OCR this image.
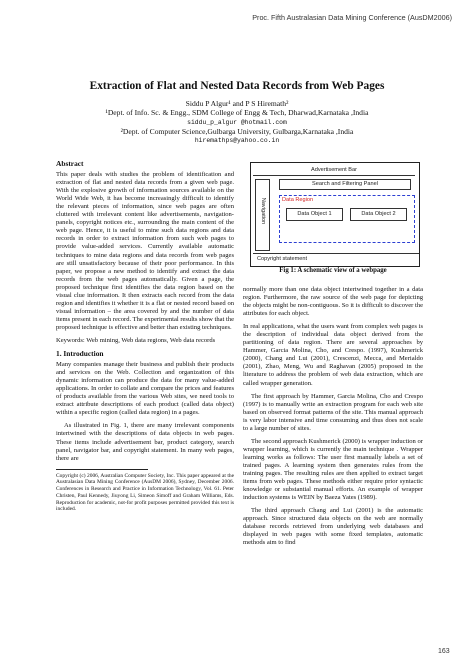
Proc. Fifth Australasian Data Mining Conference (AusDM2006)
Extraction of Flat and Nested Data Records from Web Pages
Siddu P Algur¹ and P S Hiremath²
¹Dept. of Info. Sc. & Engg., SDM College of Engg & Tech, Dharwad,Karnataka ,India
siddu_p_algur @hotmail.com
²Dept. of Computer Science,Gulbarga University, Gulbarga,Karnataka ,India
hiremathps@yahoo.co.in
Abstract

This paper deals with studies the problem of identification and extraction of flat and nested data records from a given web page. With the explosive growth of information sources available on the World Wide Web, it has become increasingly difficult to identify the relevant pieces of information, since web pages are often cluttered with irrelevant content like advertisements, navigation-panels, copyright notices etc., surrounding the main content of the web page. Hence, it is useful to mine such data regions and data records in order to extract information from such web pages to provide value-added services. Currently available automatic techniques to mine data regions and data records from web pages are still unsatisfactory because of their poor performance. In this paper, we propose a new method to identify and extract the data records from the web pages automatically. Given a page, the proposed technique first identifies the data region based on the visual clue information. It then extracts each record from the data region and identifies it whether it is a flat or nested record based on visual information – the area covered by and the number of data items present in each record. The experimental results show that the proposed technique is effective and better than existing techniques.

Keywords: Web mining, Web data regions, Web data records

1. Introduction

Many companies manage their business and publish their products and services on the Web. Collection and organization of this dynamic information can produce the data for many value-added applications. In order to collate and compare the prices and features of products available from the various Web sites, we need tools to extract attribute descriptions of each product (called data object) within a specific region (called data region) in a pages.

As illustrated in Fig. 1, there are many irrelevant components intertwined with the descriptions of data objects in web pages. These items include advertisement bar, product category, search panel, navigator bar, and copyright statement. In many web pages, there are

Copyright (c) 2006, Australian Computer Society, Inc. This paper appeared at the Australasian Data Mining Conference (AusDM 2006), Sydney, December 2006. Conferences in Research and Practice in Information Technology, Vol. 61. Peter Christen, Paul Kennedy, Jiuyong Li, Simeon Simoff and Graham Williams, Eds. Reproduction for academic, not-for profit purposes permitted provided this text is included.
Advertisement Bar
Navigation
Search and Filtering Panel
Data Region
Data Object 1	Data Object 2
Copyright statement
Fig 1: A schematic view of a webpage

normally more than one data object intertwined together in a data region. Furthermore, the raw source of the web page for depicting the objects might be non-contiguous. So it is difficult to discover the attributes for each object.

In real applications, what the users want from complex web pages is the description of individual data object derived from the partitioning of data region. There are several approaches by Hammer, Garcia Molina, Cho, and Crespo. (1997), Kushmerick (2000), Chang and Lui (2001), Crescenzi, Mecca, and Merialdo (2001), Zhao, Meng, Wu and Raghavan (2005) proposed in the literature to address the problem of web data extraction, which are called wrapper generation.

The first approach by Hammer, Garcia Molina, Cho and Crespo (1997) is to manually write an extraction program for each web site based on observed format patterns of the site. This manual approach is very labor intensive and time consuming and thus does not scale to a large number of sites.

The second approach Kushmerick (2000) is wrapper induction or wrapper learning, which is currently the main technique . Wrapper learning works as follows: The user first manually labels a set of trained pages. A learning system then generates rules from the training pages. The resulting rules are then applied to extract target items from web pages. These methods either require prior syntactic knowledge or substantial manual efforts. An example of wrapper induction systems is WEIN by Baeza Yates (1989).

The third approach Chang and Lui (2001) is the automatic approach. Since structured data objects on the web are normally database records retrieved from underlying web databases and displayed in web pages with some fixed templates, automatic methods aim to find

163
